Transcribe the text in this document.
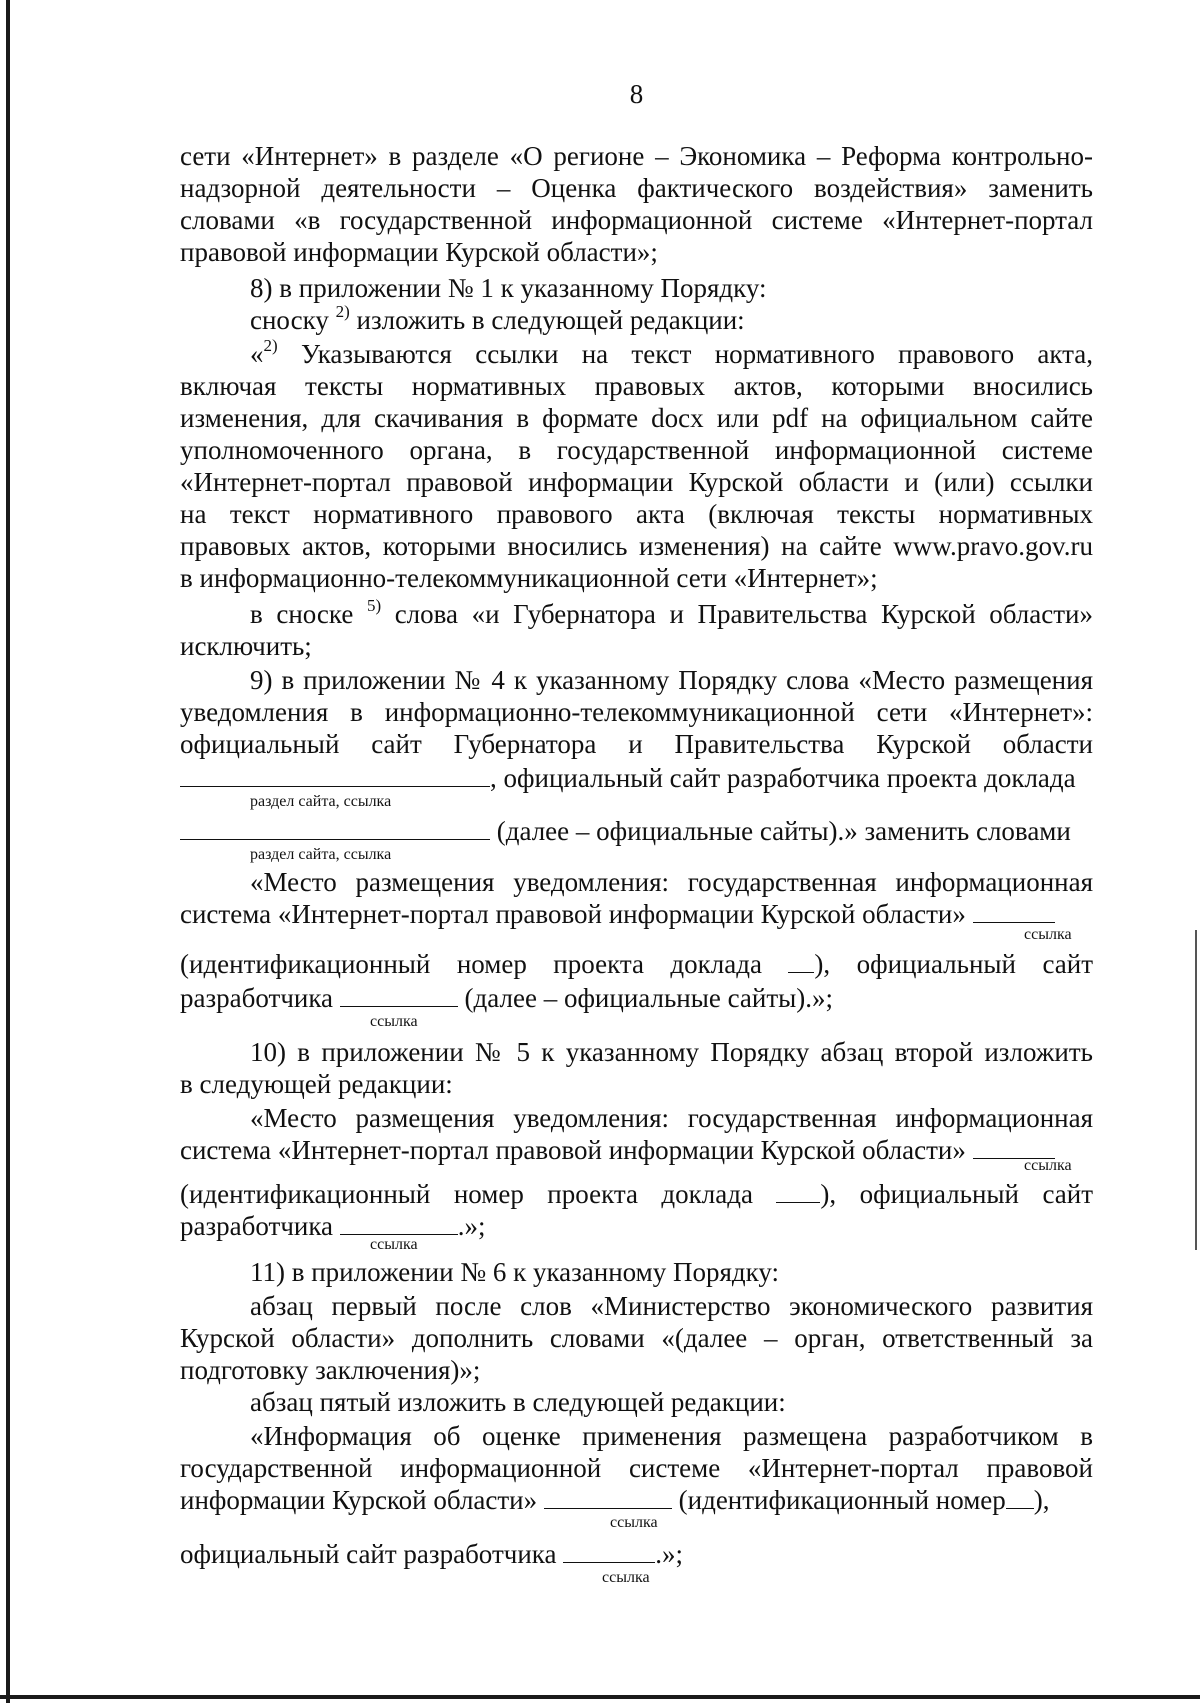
8
сети «Интернет» в разделе «О регионе – Экономика – Реформа контрольно-
надзорной деятельности – Оценка фактического воздействия» заменить
словами «в государственной информационной системе «Интернет-портал
правовой информации Курской области»;
8) в приложении № 1 к указанному Порядку:
сноску $^{2)}$ изложить в следующей редакции:
«$^{2)}$ Указываются ссылки на текст нормативного правового акта,
включая тексты нормативных правовых актов, которыми вносились
изменения, для скачивания в формате docx или pdf на официальном сайте
уполномоченного органа, в государственной информационной системе
«Интернет-портал правовой информации Курской области и (или) ссылки
на текст нормативного правового акта (включая тексты нормативных
правовых актов, которыми вносились изменения) на сайте www.pravo.gov.ru
в информационно-телекоммуникационной сети «Интернет»;
в сноске $^{5)}$ слова «и Губернатора и Правительства Курской области»
исключить;
9) в приложении № 4 к указанному Порядку слова «Место размещения
уведомления в информационно-телекоммуникационной сети «Интернет»:
официальный сайт Губернатора и Правительства Курской области
, официальный сайт разработчика проекта доклада
раздел сайта, ссылка
(далее – официальные сайты).» заменить словами
раздел сайта, ссылка
«Место размещения уведомления: государственная информационная
система «Интернет-портал правовой информации Курской области»
ссылка
(идентификационный номер проекта доклада ), официальный сайт
разработчика	(далее – официальные сайты).»;
ссылка
10) в приложении № 5 к указанному Порядку абзац второй изложить
в следующей редакции:
«Место размещения уведомления: государственная информационная
система «Интернет-портал правовой информации Курской области»
ссылка
(идентификационный номер проекта доклада ), официальный сайт
разработчика	.»;
ссылка
11) в приложении № 6 к указанному Порядку:
абзац первый после слов «Министерство экономического развития
Курской области» дополнить словами «(далее – орган, ответственный за
подготовку заключения)»;
абзац пятый изложить в следующей редакции:
«Информация об оценке применения размещена разработчиком в
государственной информационной системе «Интернет-портал правовой
информации Курской области»	(идентификационный номер ),
ссылка
официальный сайт разработчика	.»;
ссылка
